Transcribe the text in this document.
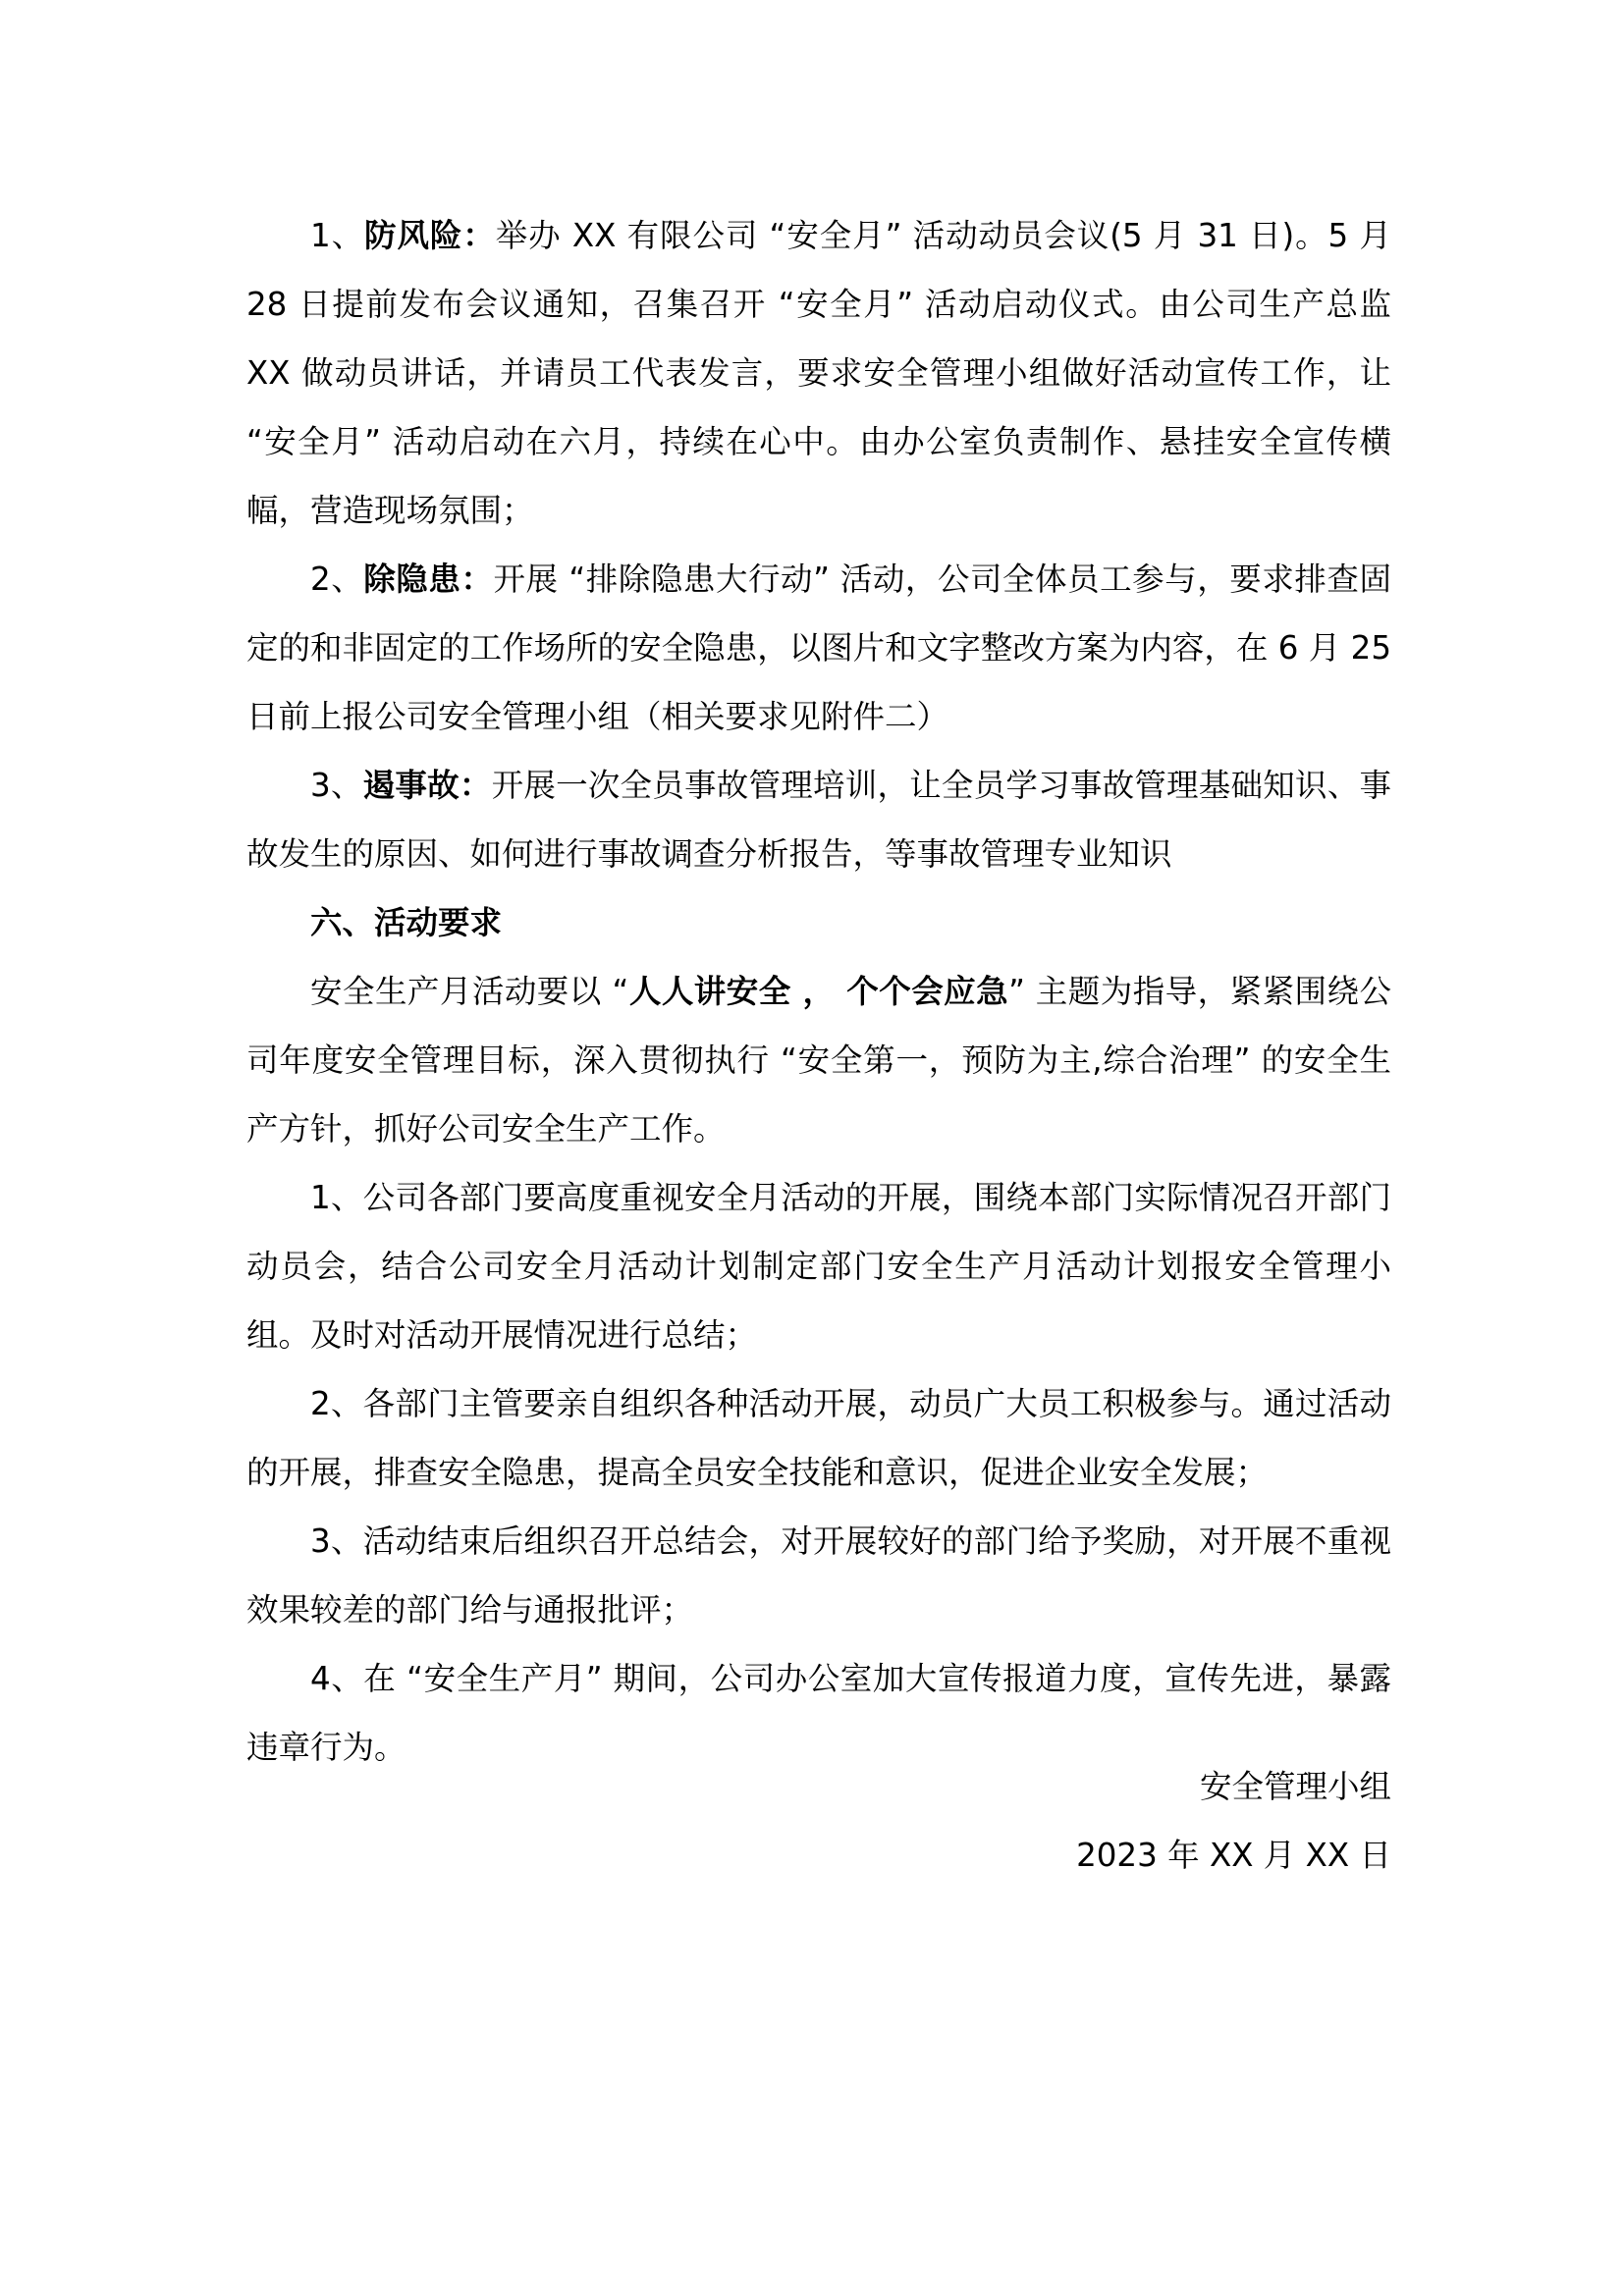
1、防风险：举办 XX 有限公司 “安全月” 活动动员会议(5 月 31 日)。5 月 28 日提前发布会议通知，召集召开 “安全月” 活动启动仪式。由公司生产总监 XX 做动员讲话，并请员工代表发言，要求安全管理小组做好活动宣传工作，让 “安全月” 活动启动在六月，持续在心中。由办公室负责制作、悬挂安全宣传横幅，营造现场氛围；

2、除隐患：开展 “排除隐患大行动” 活动，公司全体员工参与，要求排查固定的和非固定的工作场所的安全隐患，以图片和文字整改方案为内容，在 6 月 25 日前上报公司安全管理小组（相关要求见附件二）

3、遏事故：开展一次全员事故管理培训，让全员学习事故管理基础知识、事故发生的原因、如何进行事故调查分析报告，等事故管理专业知识

六、活动要求

安全生产月活动要以 “人人讲安全 ， 个个会应急” 主题为指导，紧紧围绕公司年度安全管理目标，深入贯彻执行 “安全第一，预防为主,综合治理” 的安全生产方针，抓好公司安全生产工作。

1、公司各部门要高度重视安全月活动的开展，围绕本部门实际情况召开部门动员会，结合公司安全月活动计划制定部门安全生产月活动计划报安全管理小组。及时对活动开展情况进行总结；

2、各部门主管要亲自组织各种活动开展，动员广大员工积极参与。通过活动的开展，排查安全隐患，提高全员安全技能和意识，促进企业安全发展；

3、活动结束后组织召开总结会，对开展较好的部门给予奖励，对开展不重视效果较差的部门给与通报批评；

4、在 “安全生产月” 期间，公司办公室加大宣传报道力度，宣传先进，暴露违章行为。

安全管理小组
2023 年 XX 月 XX 日
